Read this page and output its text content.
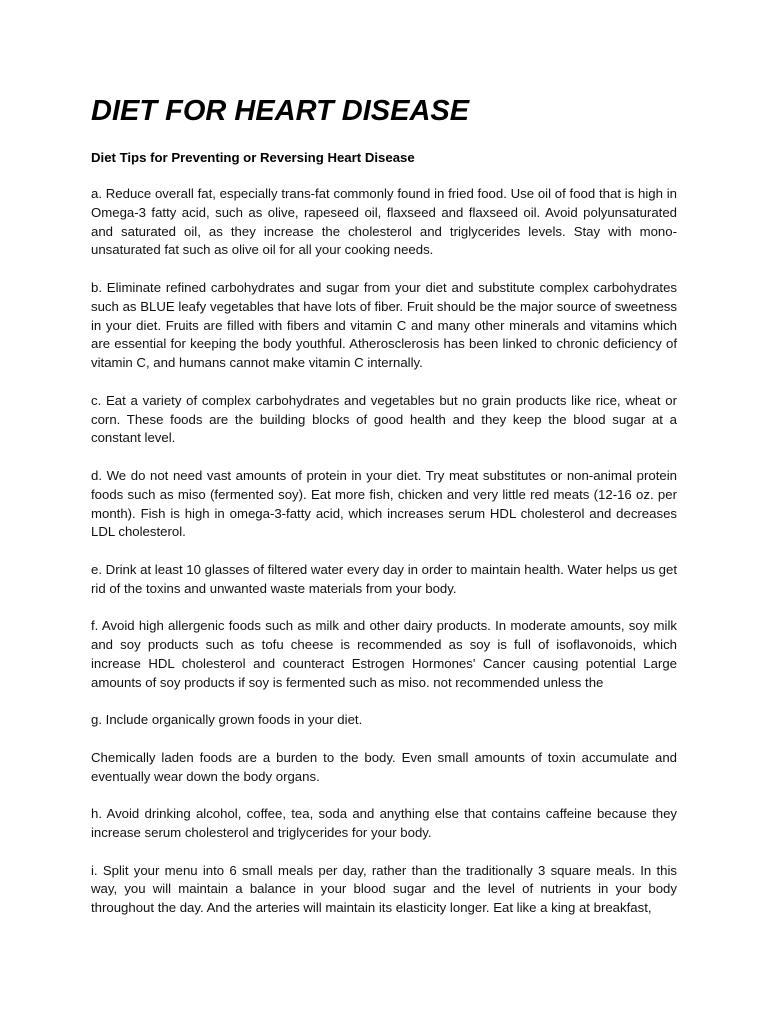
DIET FOR HEART DISEASE
Diet Tips for Preventing or Reversing Heart Disease

a. Reduce overall fat, especially trans-fat commonly found in fried food. Use oil of food that is high in Omega-3 fatty acid, such as olive, rapeseed oil, flaxseed and flaxseed oil. Avoid polyunsaturated and saturated oil, as they increase the cholesterol and triglycerides levels. Stay with mono-unsaturated fat such as olive oil for all your cooking needs.

b. Eliminate refined carbohydrates and sugar from your diet and substitute complex carbohydrates such as BLUE leafy vegetables that have lots of fiber. Fruit should be the major source of sweetness in your diet. Fruits are filled with fibers and vitamin C and many other minerals and vitamins which are essential for keeping the body youthful. Atherosclerosis has been linked to chronic deficiency of vitamin C, and humans cannot make vitamin C internally.

c. Eat a variety of complex carbohydrates and vegetables but no grain products like rice, wheat or corn. These foods are the building blocks of good health and they keep the blood sugar at a constant level.

d. We do not need vast amounts of protein in your diet. Try meat substitutes or non-animal protein foods such as miso (fermented soy). Eat more fish, chicken and very little red meats (12-16 oz. per month). Fish is high in omega-3-fatty acid, which increases serum HDL cholesterol and decreases LDL cholesterol.

e. Drink at least 10 glasses of filtered water every day in order to maintain health. Water helps us get rid of the toxins and unwanted waste materials from your body.

f. Avoid high allergenic foods such as milk and other dairy products. In moderate amounts, soy milk and soy products such as tofu cheese is recommended as soy is full of isoflavonoids, which increase HDL cholesterol and counteract Estrogen Hormones' Cancer causing potential Large amounts of soy products if soy is fermented such as miso. not recommended unless the

g. Include organically grown foods in your diet.

Chemically laden foods are a burden to the body. Even small amounts of toxin accumulate and eventually wear down the body organs.

h. Avoid drinking alcohol, coffee, tea, soda and anything else that contains caffeine because they increase serum cholesterol and triglycerides for your body.

i. Split your menu into 6 small meals per day, rather than the traditionally 3 square meals. In this way, you will maintain a balance in your blood sugar and the level of nutrients in your body throughout the day. And the arteries will maintain its elasticity longer. Eat like a king at breakfast,
